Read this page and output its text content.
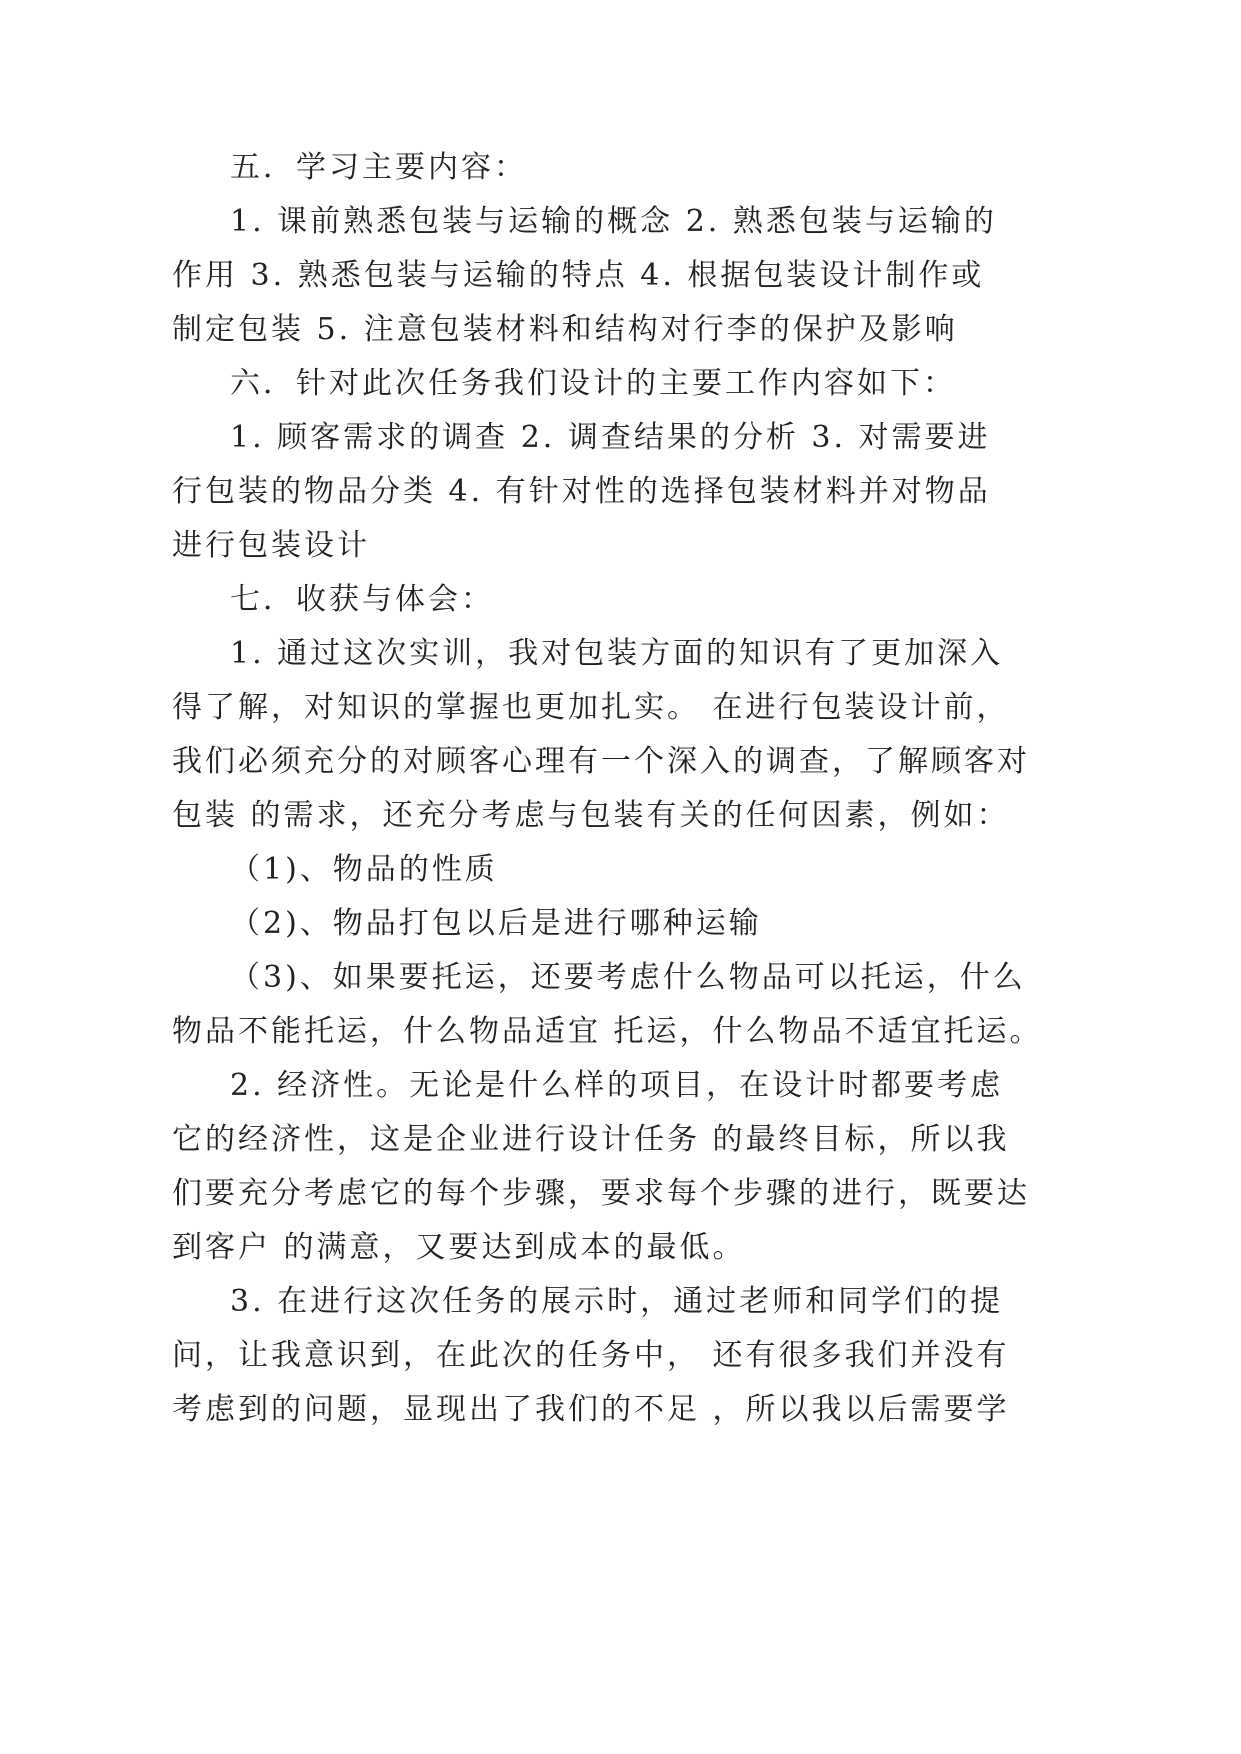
五．学习主要内容：
1. 课前熟悉包装与运输的概念 2. 熟悉包装与运输的
作用 3. 熟悉包装与运输的特点 4. 根据包装设计制作或
制定包装 5. 注意包装材料和结构对行李的保护及影响
六．针对此次任务我们设计的主要工作内容如下：
1. 顾客需求的调查 2. 调查结果的分析 3. 对需要进
行包装的物品分类 4. 有针对性的选择包装材料并对物品
进行包装设计
七．收获与体会：
1. 通过这次实训，我对包装方面的知识有了更加深入
得了解，对知识的掌握也更加扎实。 在进行包装设计前，
我们必须充分的对顾客心理有一个深入的调查，了解顾客对
包装 的需求，还充分考虑与包装有关的任何因素，例如：
（1)、物品的性质
（2)、物品打包以后是进行哪种运输
（3)、如果要托运，还要考虑什么物品可以托运，什么
物品不能托运，什么物品适宜 托运，什么物品不适宜托运。
2. 经济性。无论是什么样的项目，在设计时都要考虑
它的经济性，这是企业进行设计任务 的最终目标，所以我
们要充分考虑它的每个步骤，要求每个步骤的进行，既要达
到客户 的满意，又要达到成本的最低。
3. 在进行这次任务的展示时，通过老师和同学们的提
问，让我意识到，在此次的任务中， 还有很多我们并没有
考虑到的问题，显现出了我们的不足 ，所以我以后需要学
